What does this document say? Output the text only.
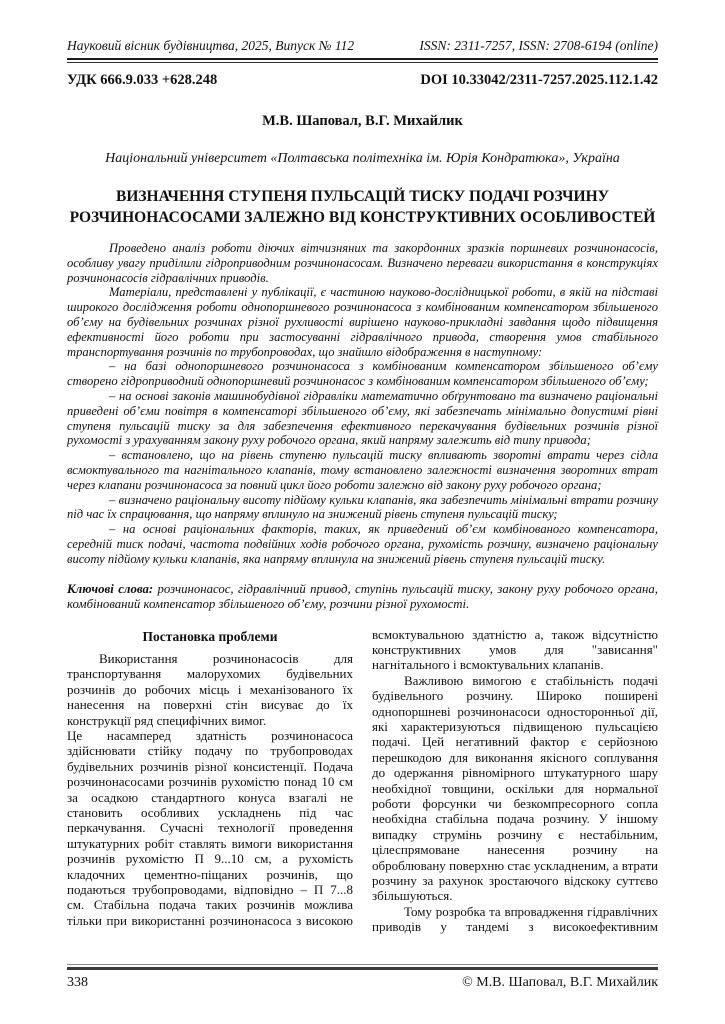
Науковий вісник будівництва, 2025, Випуск № 112	ISSN: 2311-7257, ISSN: 2708-6194 (online)
УДК 666.9.033 +628.248	DOI 10.33042/2311-7257.2025.112.1.42
М.В. Шаповал, В.Г. Михайлик
Національний університет «Полтавська політехніка ім. Юрія Кондратюка», Україна
ВИЗНАЧЕННЯ СТУПЕНЯ ПУЛЬСАЦІЙ ТИСКУ ПОДАЧІ РОЗЧИНУ РОЗЧИНОНАСОСАМИ ЗАЛЕЖНО ВІД КОНСТРУКТИВНИХ ОСОБЛИВОСТЕЙ

Проведено аналіз роботи діючих вітчизняних та закордонних зразків поршневих розчинонасосів, особливу увагу приділили гідроприводним розчинонасосам. Визначено переваги використання в конструкціях розчинонасосів гідравлічних приводів.

Матеріали, представлені у публікації, є частиною науково-дослідницької роботи, в якій на підставі широкого дослідження роботи однопоршневого розчинонасоса з комбінованим компенсатором збільшеного об’єму на будівельних розчинах різної рухливості вирішено науково-прикладні завдання щодо підвищення ефективності його роботи при застосуванні гідравлічного привода, створення умов стабільного транспортування розчинів по трубопроводах, що знайшло відображення в наступному:

– на базі однопоршневого розчинонасоса з комбінованим компенсатором збільшеного об’єму створено гідроприводний однопоршневий розчинонасос з комбінованим компенсатором збільшеного об’єму;

– на основі законів машинобудівної гідравліки математично обґрунтовано та визначено раціональні приведені об’єми повітря в компенсаторі збільшеного об’єму, які забезпечать мінімально допустимі рівні ступеня пульсацій тиску за для забезпечення ефективного перекачування будівельних розчинів різної рухомості з урахуванням закону руху робочого органа, який напряму залежить від типу привода;

– встановлено, що на рівень ступеню пульсацій тиску впливають зворотні втрати через сідла всмоктувального та нагнітального клапанів, тому встановлено залежності визначення зворотних втрат через клапани розчинонасоса за повний цикл його роботи залежно від закону руху робочого органа;

– визначено раціональну висоту підйому кульки клапанів, яка забезпечить мінімальні втрати розчину під час їх спрацювання, що напряму вплинуло на знижений рівень ступеня пульсацій тиску;

– на основі раціональних факторів, таких, як приведений об’єм комбінованого компенсатора, середній тиск подачі, частота подвійних ходів робочого органа, рухомість розчину, визначено раціональну висоту підйому кульки клапанів, яка напряму вплинула на знижений рівень ступеня пульсацій тиску.

Ключові слова: розчинонасос, гідравлічний привод, ступінь пульсацій тиску, закону руху робочого органа, комбінований компенсатор збільшеного об’єму, розчини різної рухомості.
Постановка проблеми

Використання розчинонасосів для транспортування малорухомих будівельних розчинів до робочих місць і механізованого їх нанесення на поверхні стін висуває до їх конструкції ряд специфічних вимог.

Це насамперед здатність розчинонасоса здійснювати стійку подачу по трубопроводах будівельних розчинів різної консистенції. Подача розчинонасосами розчинів рухомістю понад 10 см за осадкою стандартного конуса взагалі не становить особливих ускладнень під час перкачування. Сучасні технології проведення штукатурних робіт ставлять вимоги використання розчинів рухомістю П 9...10 см, а рухомість кладочних цементно-піщаних розчинів, що подаються трубопроводами, відповідно – П 7...8 см. Стабільна подача таких розчинів можлива тільки при використанні розчинонасоса з високою

всмоктувальною здатністю а, також відсутністю конструктивних умов для "зависання" нагнітального і всмоктувальних клапанів.

Важливою вимогою є стабільність подачі будівельного розчину. Широко поширені однопоршневі розчинонасоси односторонньої дії, які характеризуються підвищеною пульсацією подачі. Цей негативний фактор є серйозною перешкодою для виконання якісного соплування до одержання рівномірного штукатурного шару необхідної товщини, оскільки для нормальної роботи форсунки чи безкомпресорного сопла необхідна стабільна подача розчину. У іншому випадку струмінь розчину є нестабільним, цілеспрямоване нанесення розчину на оброблювану поверхню стає ускладненим, а втрати розчину за рахунок зростаючого відскоку суттєво збільшуються.

Тому розробка та впровадження гідравлічних приводів у тандемі з високоефективним

338	© М.В. Шаповал, В.Г. Михайлик
